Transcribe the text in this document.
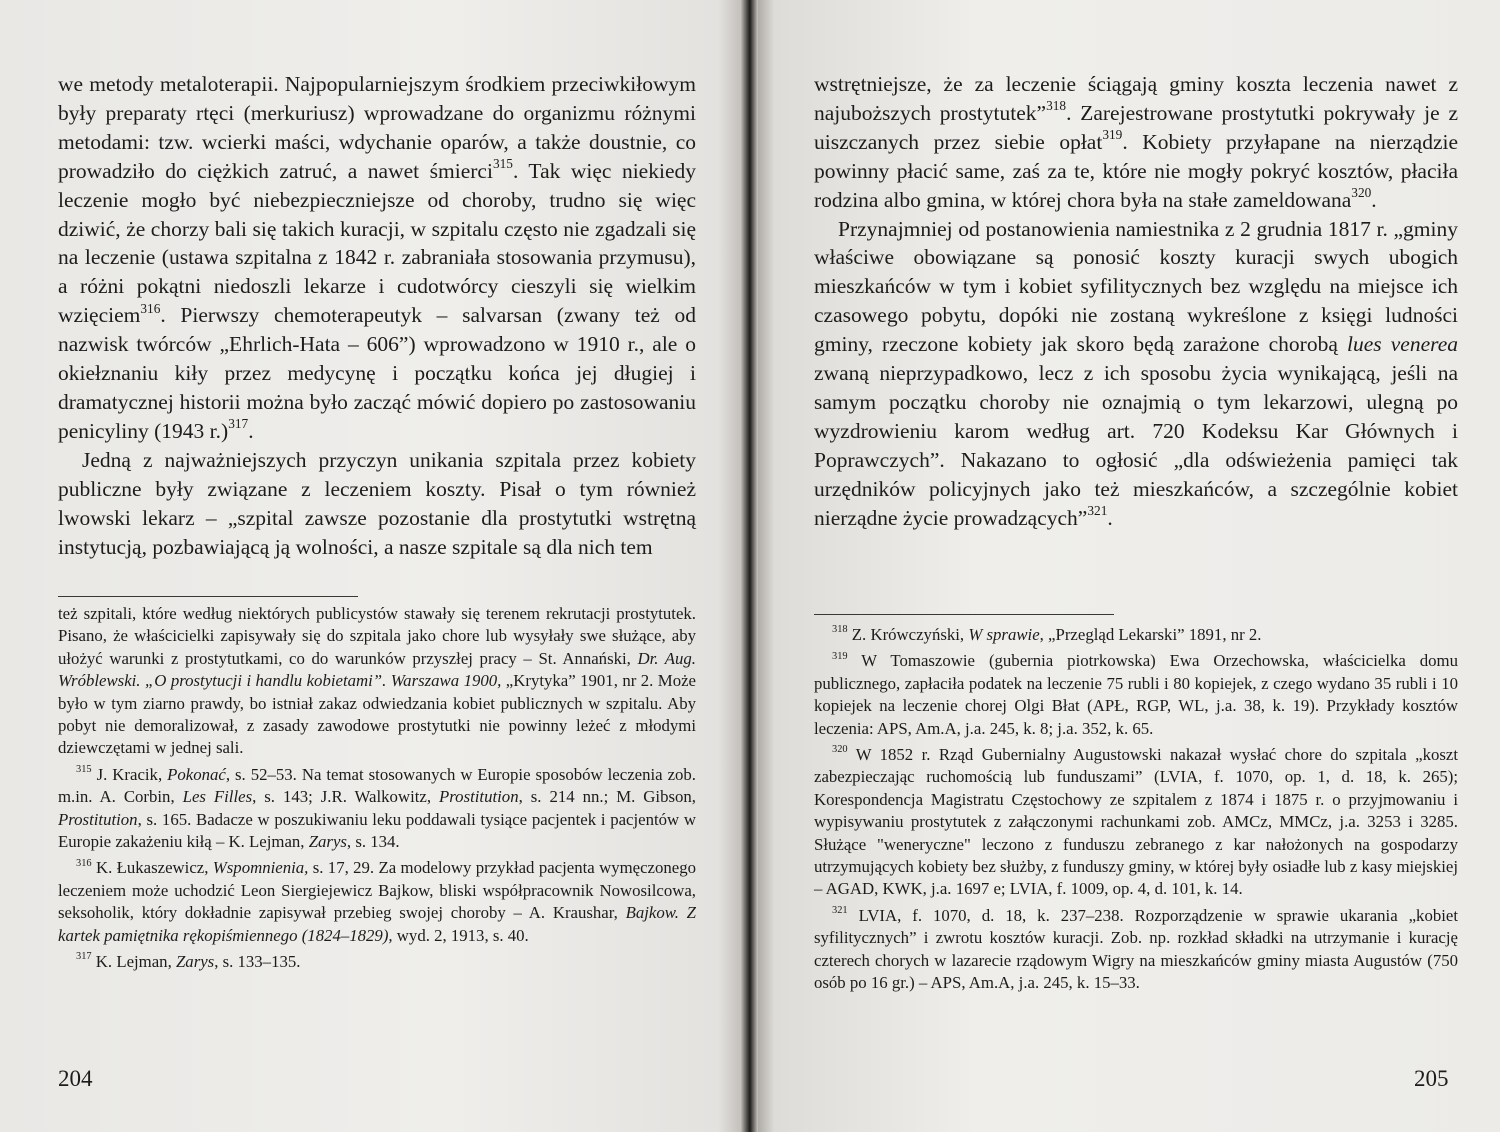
we metody metaloterapii. Najpopularniejszym środkiem przeciwkiłowym były preparaty rtęci (merkuriusz) wprowadzane do organizmu różnymi metodami: tzw. wcierki maści, wdychanie oparów, a także doustnie, co prowadziło do ciężkich zatruć, a nawet śmierci$^{315}$. Tak więc niekiedy leczenie mogło być niebezpieczniejsze od choroby, trudno się więc dziwić, że chorzy bali się takich kuracji, w szpitalu często nie zgadzali się na leczenie (ustawa szpitalna z 1842 r. zabraniała stosowania przymusu), a różni pokątni niedoszli lekarze i cudotwórcy cieszyli się wielkim wzięciem$^{316}$. Pierwszy chemoterapeutyk – salvarsan (zwany też od nazwisk twórców „Ehrlich-Hata – 606”) wprowadzono w 1910 r., ale o okiełznaniu kiły przez medycynę i początku końca jej długiej i dramatycznej historii można było zacząć mówić dopiero po zastosowaniu penicyliny (1943 r.)$^{317}$.

Jedną z najważniejszych przyczyn unikania szpitala przez kobiety publiczne były związane z leczeniem koszty. Pisał o tym również lwowski lekarz – „szpital zawsze pozostanie dla prostytutki wstrętną instytucją, pozbawiającą ją wolności, a nasze szpitale są dla nich tem

też szpitali, które według niektórych publicystów stawały się terenem rekrutacji prostytutek. Pisano, że właścicielki zapisywały się do szpitala jako chore lub wysyłały swe służące, aby ułożyć warunki z prostytutkami, co do warunków przyszłej pracy – St. Annański, Dr. Aug. Wróblewski. „O prostytucji i handlu kobietami”. Warszawa 1900, „Krytyka” 1901, nr 2. Może było w tym ziarno prawdy, bo istniał zakaz odwiedzania kobiet publicznych w szpitalu. Aby pobyt nie demoralizował, z zasady zawodowe prostytutki nie powinny leżeć z młodymi dziewczętami w jednej sali.

$^{315}$ J. Kracik, Pokonać, s. 52–53. Na temat stosowanych w Europie sposobów leczenia zob. m.in. A. Corbin, Les Filles, s. 143; J.R. Walkowitz, Prostitution, s. 214 nn.; M. Gibson, Prostitution, s. 165. Badacze w poszukiwaniu leku poddawali tysiące pacjentek i pacjentów w Europie zakażeniu kiłą – K. Lejman, Zarys, s. 134.

$^{316}$ K. Łukaszewicz, Wspomnienia, s. 17, 29. Za modelowy przykład pacjenta wymęczonego leczeniem może uchodzić Leon Siergiejewicz Bajkow, bliski współpracownik Nowosilcowa, seksoholik, który dokładnie zapisywał przebieg swojej choroby – A. Kraushar, Bajkow. Z kartek pamiętnika rękopiśmiennego (1824–1829), wyd. 2, 1913, s. 40.

$^{317}$ K. Lejman, Zarys, s. 133–135.

204

wstrętniejsze, że za leczenie ściągają gminy koszta leczenia nawet z najuboższych prostytutek”$^{318}$. Zarejestrowane prostytutki pokrywały je z uiszczanych przez siebie opłat$^{319}$. Kobiety przyłapane na nierządzie powinny płacić same, zaś za te, które nie mogły pokryć kosztów, płaciła rodzina albo gmina, w której chora była na stałe zameldowana$^{320}$.

Przynajmniej od postanowienia namiestnika z 2 grudnia 1817 r. „gminy właściwe obowiązane są ponosić koszty kuracji swych ubogich mieszkańców w tym i kobiet syfilitycznych bez względu na miejsce ich czasowego pobytu, dopóki nie zostaną wykreślone z księgi ludności gminy, rzeczone kobiety jak skoro będą zarażone chorobą lues venerea zwaną nieprzypadkowo, lecz z ich sposobu życia wynikającą, jeśli na samym początku choroby nie oznajmią o tym lekarzowi, ulegną po wyzdrowieniu karom według art. 720 Kodeksu Kar Głównych i Poprawczych”. Nakazano to ogłosić „dla odświeżenia pamięci tak urzędników policyjnych jako też mieszkańców, a szczególnie kobiet nierządne życie prowadzących”$^{321}$.

$^{318}$ Z. Krówczyński, W sprawie, „Przegląd Lekarski” 1891, nr 2.

$^{319}$ W Tomaszowie (gubernia piotrkowska) Ewa Orzechowska, właścicielka domu publicznego, zapłaciła podatek na leczenie 75 rubli i 80 kopiejek, z czego wydano 35 rubli i 10 kopiejek na leczenie chorej Olgi Błat (APŁ, RGP, WL, j.a. 38, k. 19). Przykłady kosztów leczenia: APS, Am.A, j.a. 245, k. 8; j.a. 352, k. 65.

$^{320}$ W 1852 r. Rząd Gubernialny Augustowski nakazał wysłać chore do szpitala „koszt zabezpieczając ruchomością lub funduszami” (LVIA, f. 1070, op. 1, d. 18, k. 265); Korespondencja Magistratu Częstochowy ze szpitalem z 1874 i 1875 r. o przyjmowaniu i wypisywaniu prostytutek z załączonymi rachunkami zob. AMCz, MMCz, j.a. 3253 i 3285. Służące "weneryczne" leczono z funduszu zebranego z kar nałożonych na gospodarzy utrzymujących kobiety bez służby, z funduszy gminy, w której były osiadłe lub z kasy miejskiej – AGAD, KWK, j.a. 1697 e; LVIA, f. 1009, op. 4, d. 101, k. 14.

$^{321}$ LVIA, f. 1070, d. 18, k. 237–238. Rozporządzenie w sprawie ukarania „kobiet syfilitycznych” i zwrotu kosztów kuracji. Zob. np. rozkład składki na utrzymanie i kurację czterech chorych w lazarecie rządowym Wigry na mieszkańców gminy miasta Augustów (750 osób po 16 gr.) – APS, Am.A, j.a. 245, k. 15–33.

205
